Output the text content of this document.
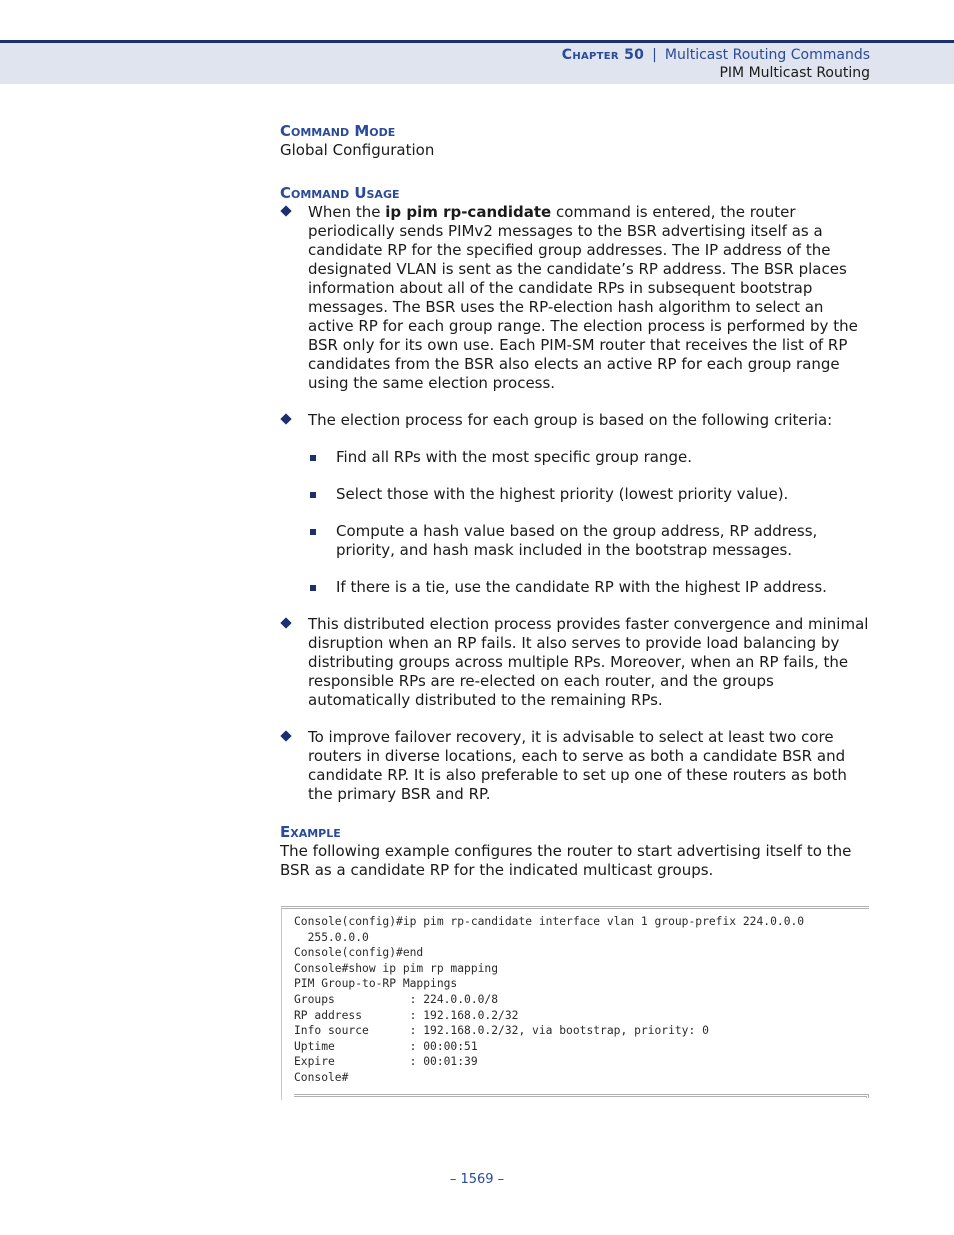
Chapter 50 | Multicast Routing Commands
PIM Multicast Routing
Command Mode

Global Configuration

Command Usage
When the ip pim rp-candidate command is entered, the router periodically sends PIMv2 messages to the BSR advertising itself as a candidate RP for the specified group addresses. The IP address of the designated VLAN is sent as the candidate’s RP address. The BSR places information about all of the candidate RPs in subsequent bootstrap messages. The BSR uses the RP-election hash algorithm to select an active RP for each group range. The election process is performed by the BSR only for its own use. Each PIM-SM router that receives the list of RP candidates from the BSR also elects an active RP for each group range using the same election process.
The election process for each group is based on the following criteria:
Find all RPs with the most specific group range.
Select those with the highest priority (lowest priority value).
Compute a hash value based on the group address, RP address, priority, and hash mask included in the bootstrap messages.
If there is a tie, use the candidate RP with the highest IP address.
This distributed election process provides faster convergence and minimal disruption when an RP fails. It also serves to provide load balancing by distributing groups across multiple RPs. Moreover, when an RP fails, the responsible RPs are re-elected on each router, and the groups automatically distributed to the remaining RPs.
To improve failover recovery, it is advisable to select at least two core routers in diverse locations, each to serve as both a candidate BSR and candidate RP. It is also preferable to set up one of these routers as both the primary BSR and RP.
Example

The following example configures the router to start advertising itself to the BSR as a candidate RP for the indicated multicast groups.

Console(config)#ip pim rp-candidate interface vlan 1 group-prefix 224.0.0.0
255.0.0.0
Console(config)#end
Console#show ip pim rp mapping
PIM Group-to-RP Mappings
Groups           : 224.0.0.0/8
RP address       : 192.168.0.2/32
Info source      : 192.168.0.2/32, via bootstrap, priority: 0
Uptime           : 00:00:51
Expire           : 00:01:39
Console#
– 1569 –
